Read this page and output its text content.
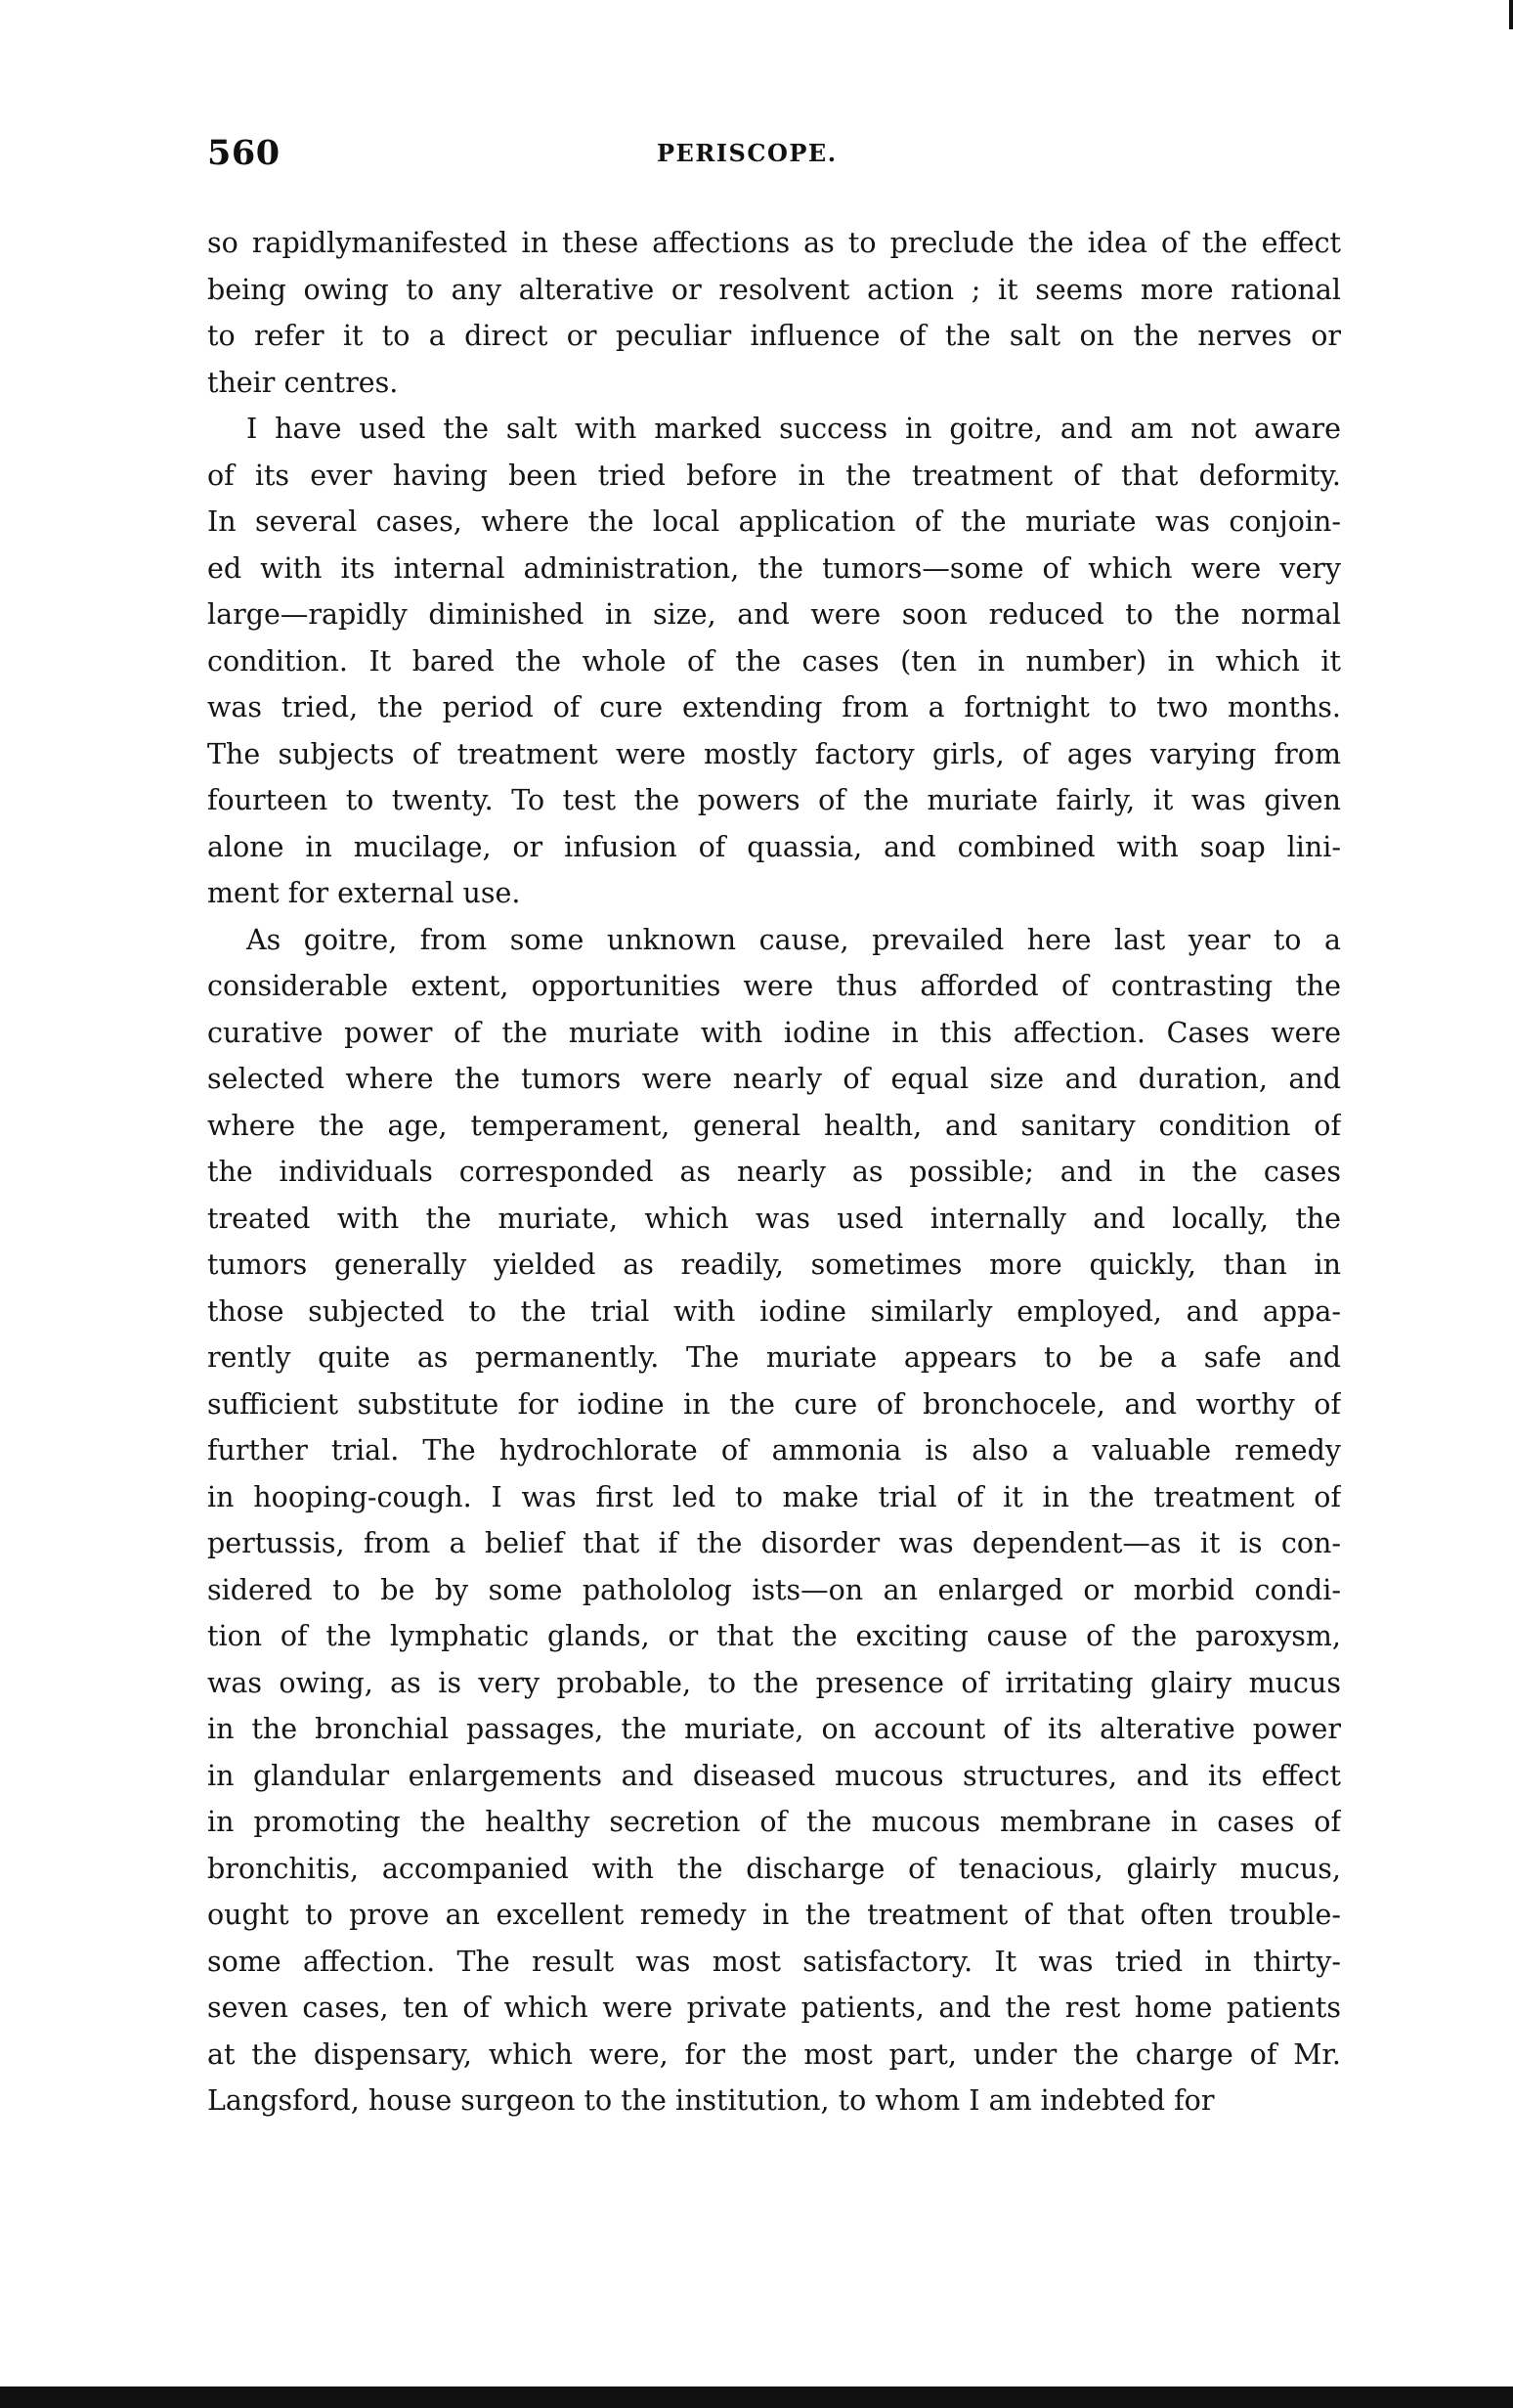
560	PERISCOPE.
so rapidlymanifested in these affections as to preclude the idea of the effect
being owing to any alterative or resolvent action ; it seems more rational
to refer it to a direct or peculiar influence of the salt on the nerves or
their centres.
I have used the salt with marked success in goitre, and am not aware
of its ever having been tried before in the treatment of that deformity.
In several cases, where the local application of the muriate was conjoin-
ed with its internal administration, the tumors—some of which were very
large—rapidly diminished in size, and were soon reduced to the normal
condition. It bared the whole of the cases (ten in number) in which it
was tried, the period of cure extending from a fortnight to two months.
The subjects of treatment were mostly factory girls, of ages varying from
fourteen to twenty. To test the powers of the muriate fairly, it was given
alone in mucilage, or infusion of quassia, and combined with soap lini-
ment for external use.
As goitre, from some unknown cause, prevailed here last year to a
considerable extent, opportunities were thus afforded of contrasting the
curative power of the muriate with iodine in this affection. Cases were
selected where the tumors were nearly of equal size and duration, and
where the age, temperament, general health, and sanitary condition of
the individuals corresponded as nearly as possible; and in the cases
treated with the muriate, which was used internally and locally, the
tumors generally yielded as readily, sometimes more quickly, than in
those subjected to the trial with iodine similarly employed, and appa-
rently quite as permanently. The muriate appears to be a safe and
sufficient substitute for iodine in the cure of bronchocele, and worthy of
further trial. The hydrochlorate of ammonia is also a valuable remedy
in hooping-cough. I was first led to make trial of it in the treatment of
pertussis, from a belief that if the disorder was dependent—as it is con-
sidered to be by some pathololog ists—on an enlarged or morbid condi-
tion of the lymphatic glands, or that the exciting cause of the paroxysm,
was owing, as is very probable, to the presence of irritating glairy mucus
in the bronchial passages, the muriate, on account of its alterative power
in glandular enlargements and diseased mucous structures, and its effect
in promoting the healthy secretion of the mucous membrane in cases of
bronchitis, accompanied with the discharge of tenacious, glairly mucus,
ought to prove an excellent remedy in the treatment of that often trouble-
some affection. The result was most satisfactory. It was tried in thirty-
seven cases, ten of which were private patients, and the rest home patients
at the dispensary, which were, for the most part, under the charge of Mr.
Langsford, house surgeon to the institution, to whom I am indebted for
